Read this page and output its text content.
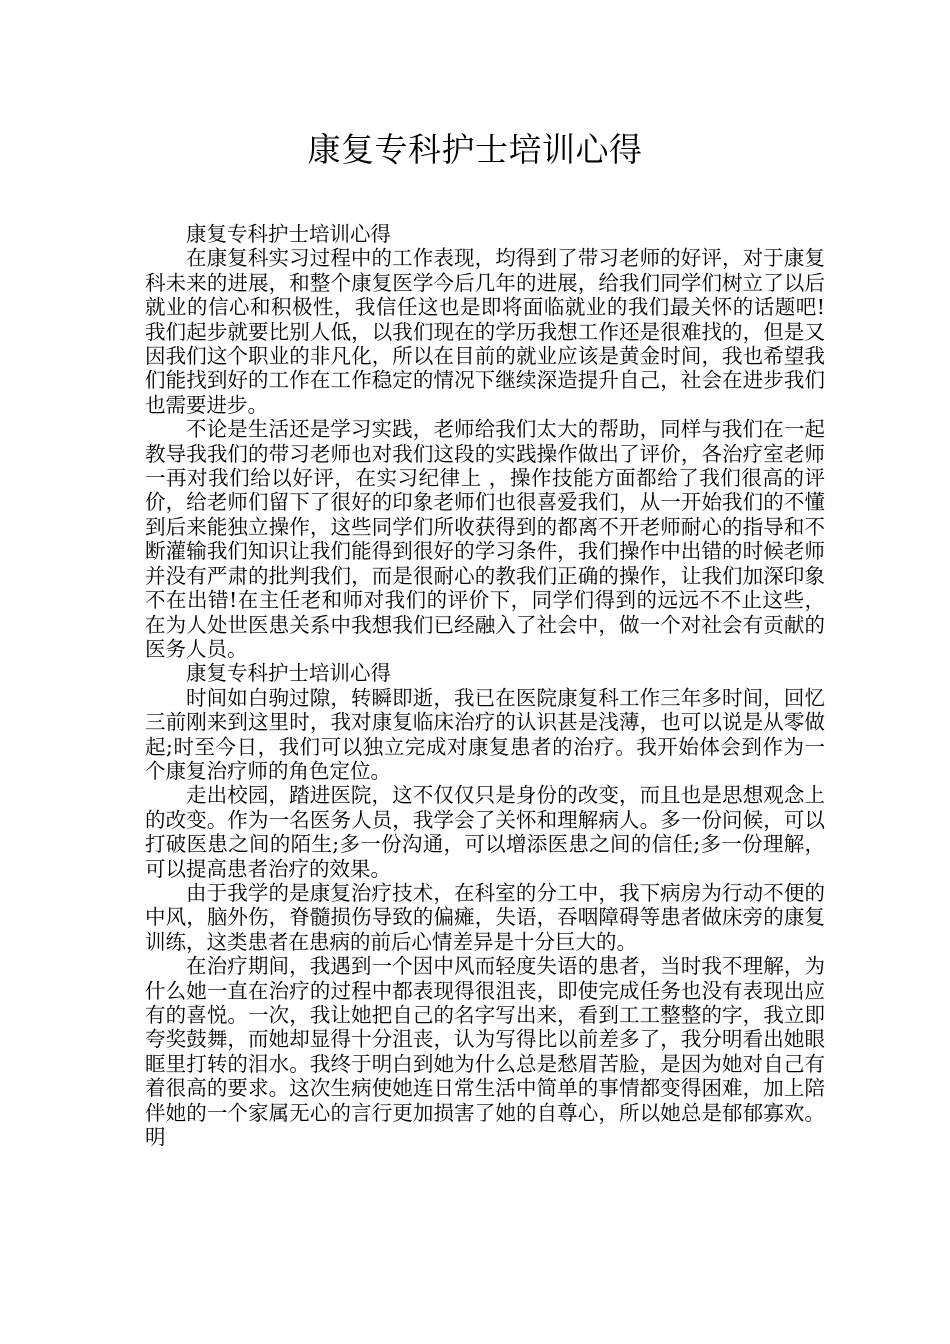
康复专科护士培训心得

康复专科护士培训心得

在康复科实习过程中的工作表现，均得到了带习老师的好评，对于康复科未来的进展，和整个康复医学今后几年的进展，给我们同学们树立了以后就业的信心和积极性，我信任这也是即将面临就业的我们最关怀的话题吧!我们起步就要比别人低，以我们现在的学历我想工作还是很难找的，但是又因我们这个职业的非凡化，所以在目前的就业应该是黄金时间，我也希望我们能找到好的工作在工作稳定的情况下继续深造提升自己，社会在进步我们也需要进步。

不论是生活还是学习实践，老师给我们太大的帮助，同样与我们在一起教导我我们的带习老师也对我们这段的实践操作做出了评价，各治疗室老师一再对我们给以好评，在实习纪律上 ，操作技能方面都给了我们很高的评价，给老师们留下了很好的印象老师们也很喜爱我们，从一开始我们的不懂到后来能独立操作，这些同学们所收获得到的都离不开老师耐心的指导和不断灌输我们知识让我们能得到很好的学习条件，我们操作中出错的时候老师并没有严肃的批判我们，而是很耐心的教我们正确的操作，让我们加深印象不在出错!在主任老和师对我们的评价下，同学们得到的远远不不止这些，在为人处世医患关系中我想我们已经融入了社会中，做一个对社会有贡献的医务人员。

康复专科护士培训心得

时间如白驹过隙，转瞬即逝，我已在医院康复科工作三年多时间，回忆三前刚来到这里时，我对康复临床治疗的认识甚是浅薄，也可以说是从零做起;时至今日，我们可以独立完成对康复患者的治疗。我开始体会到作为一个康复治疗师的角色定位。

走出校园，踏进医院，这不仅仅只是身份的改变，而且也是思想观念上的改变。作为一名医务人员，我学会了关怀和理解病人。多一份问候，可以打破医患之间的陌生;多一份沟通，可以增添医患之间的信任;多一份理解，可以提高患者治疗的效果。

由于我学的是康复治疗技术，在科室的分工中，我下病房为行动不便的中风，脑外伤，脊髓损伤导致的偏瘫，失语，吞咽障碍等患者做床旁的康复训练，这类患者在患病的前后心情差异是十分巨大的。

在治疗期间，我遇到一个因中风而轻度失语的患者，当时我不理解，为什么她一直在治疗的过程中都表现得很沮丧，即使完成任务也没有表现出应有的喜悦。一次，我让她把自己的名字写出来，看到工工整整的字，我立即夸奖鼓舞，而她却显得十分沮丧，认为写得比以前差多了，我分明看出她眼眶里打转的泪水。我终于明白到她为什么总是愁眉苦脸，是因为她对自己有着很高的要求。这次生病使她连日常生活中简单的事情都变得困难，加上陪伴她的一个家属无心的言行更加损害了她的自尊心，所以她总是郁郁寡欢。明
